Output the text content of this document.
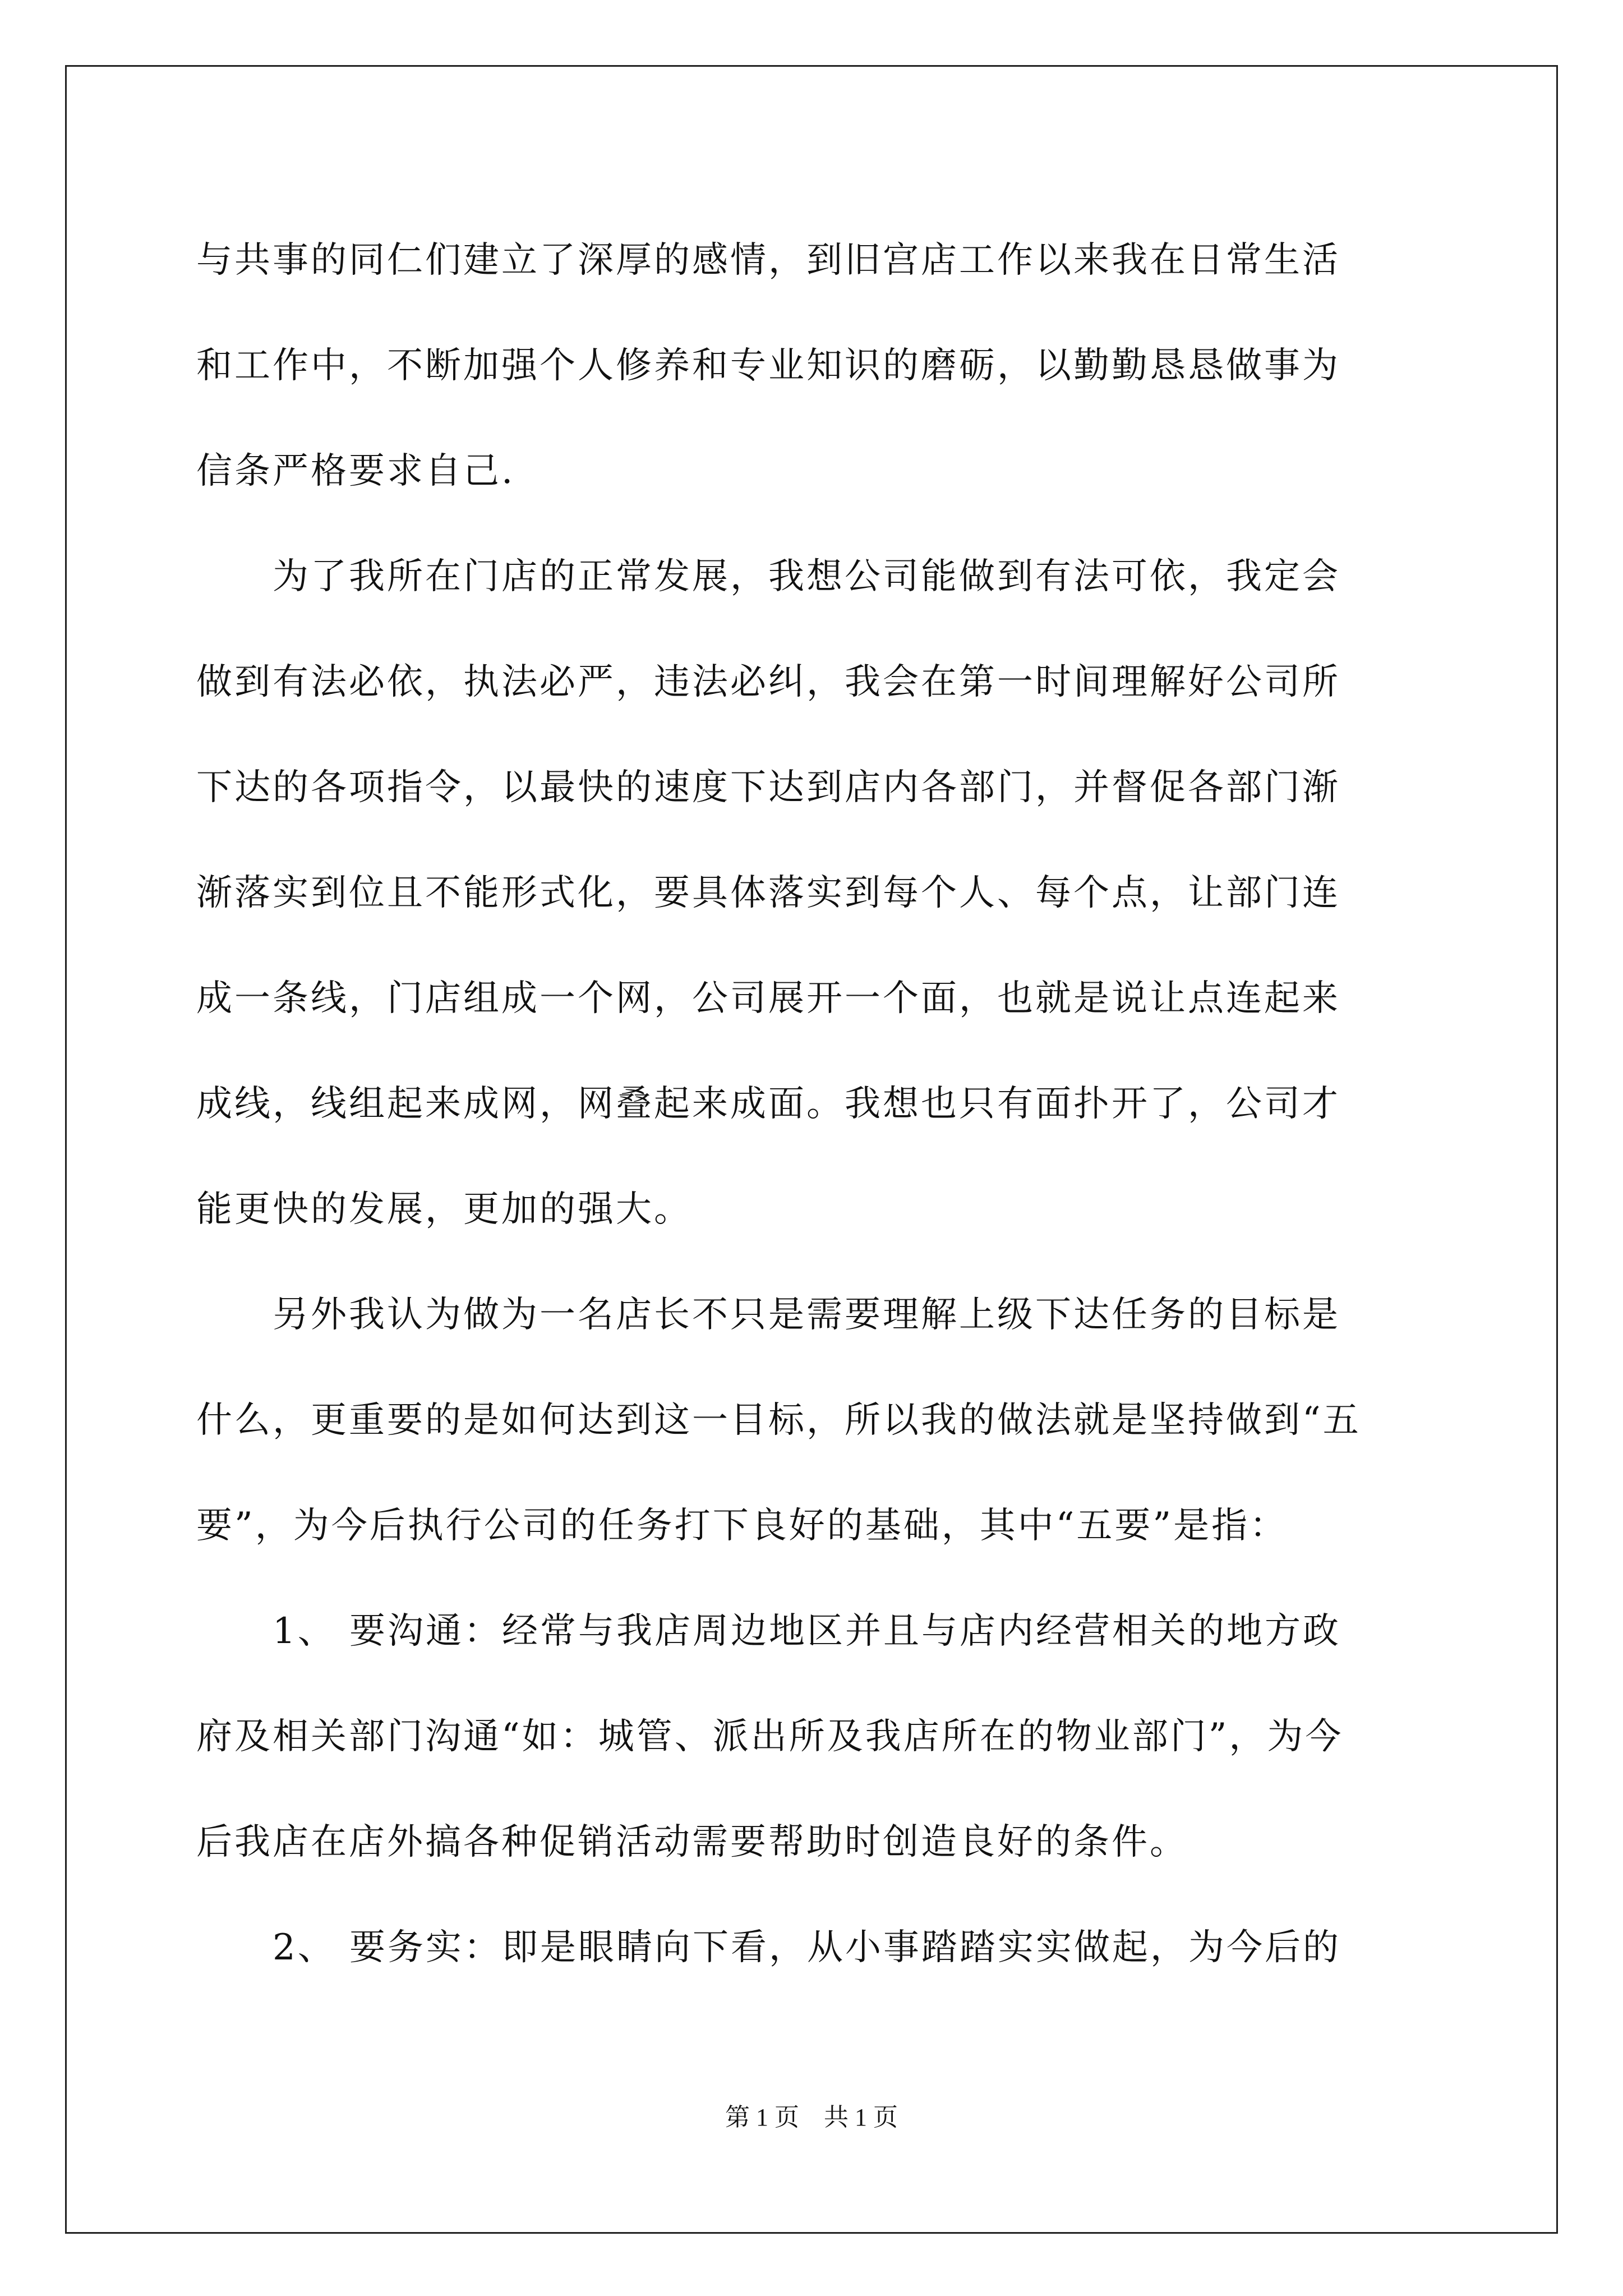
与共事的同仁们建立了深厚的感情，到旧宫店工作以来我在日常生活
和工作中，不断加强个人修养和专业知识的磨砺，以勤勤恳恳做事为
信条严格要求自己.

为了我所在门店的正常发展，我想公司能做到有法可依，我定会
做到有法必依，执法必严，违法必纠，我会在第一时间理解好公司所
下达的各项指令，以最快的速度下达到店内各部门，并督促各部门渐
渐落实到位且不能形式化，要具体落实到每个人、每个点，让部门连
成一条线，门店组成一个网，公司展开一个面，也就是说让点连起来
成线，线组起来成网，网叠起来成面。我想也只有面扑开了，公司才
能更快的发展，更加的强大。

另外我认为做为一名店长不只是需要理解上级下达任务的目标是
什么，更重要的是如何达到这一目标，所以我的做法就是坚持做到“五
要”，为今后执行公司的任务打下良好的基础，其中“五要”是指：

1、 要沟通：经常与我店周边地区并且与店内经营相关的地方政
府及相关部门沟通“如：城管、派出所及我店所在的物业部门”，为今
后我店在店外搞各种促销活动需要帮助时创造良好的条件。

2、 要务实：即是眼睛向下看，从小事踏踏实实做起，为今后的

第 1 页　共 1 页
